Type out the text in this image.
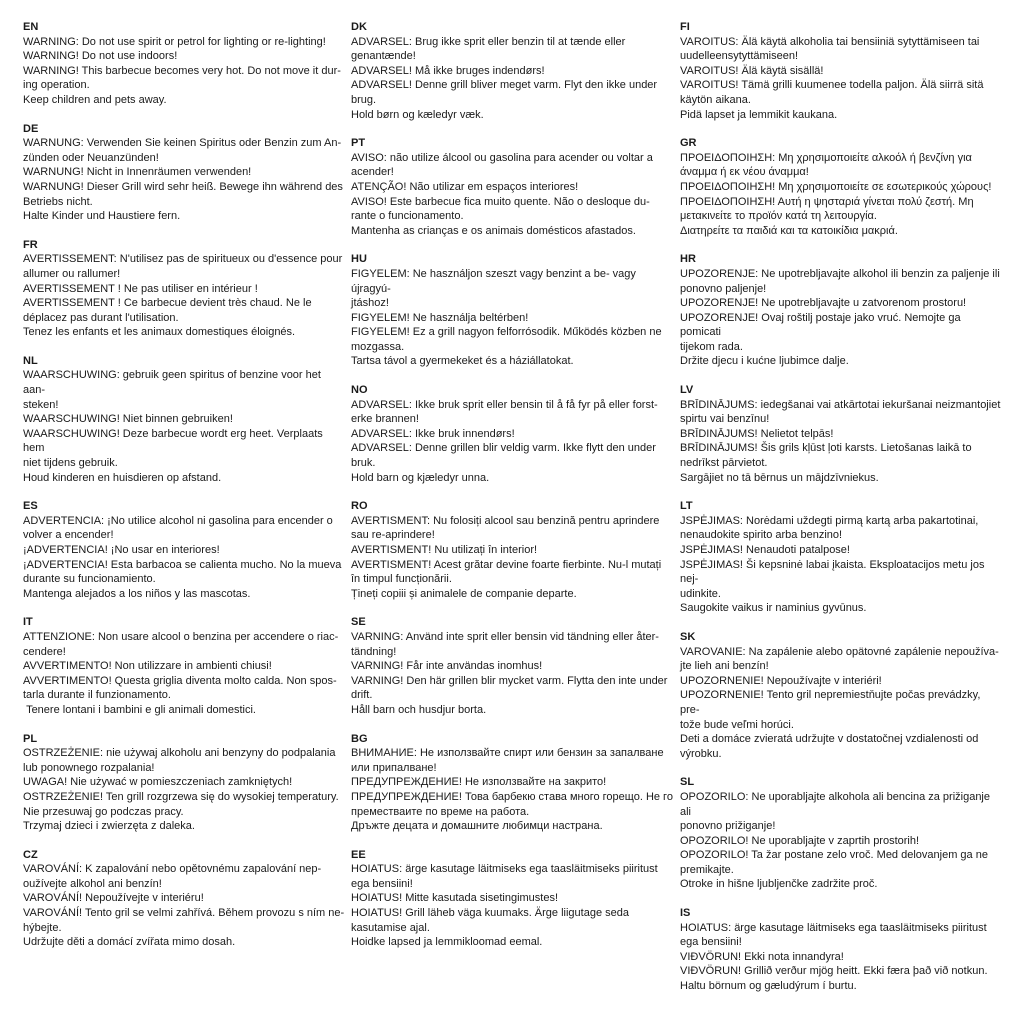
EN
WARNING: Do not use spirit or petrol for lighting or re-lighting!
WARNING! Do not use indoors!
WARNING! This barbecue becomes very hot. Do not move it dur-
ing operation.
Keep children and pets away.
DE
WARNUNG: Verwenden Sie keinen Spiritus oder Benzin zum An-
zünden oder Neuanzünden!
WARNUNG! Nicht in Innenräumen verwenden!
WARNUNG! Dieser Grill wird sehr heiß. Bewege ihn während des
Betriebs nicht.
Halte Kinder und Haustiere fern.
FR
AVERTISSEMENT: N'utilisez pas de spiritueux ou d'essence pour
allumer ou rallumer!
AVERTISSEMENT ! Ne pas utiliser en intérieur !
AVERTISSEMENT ! Ce barbecue devient très chaud. Ne le
déplacez pas durant l'utilisation.
Tenez les enfants et les animaux domestiques éloignés.
NL
WAARSCHUWING: gebruik geen spiritus of benzine voor het aan-
steken!
WAARSCHUWING! Niet binnen gebruiken!
WAARSCHUWING! Deze barbecue wordt erg heet. Verplaats hem
niet tijdens gebruik.
Houd kinderen en huisdieren op afstand.
ES
ADVERTENCIA: ¡No utilice alcohol ni gasolina para encender o
volver a encender!
¡ADVERTENCIA! ¡No usar en interiores!
¡ADVERTENCIA! Esta barbacoa se calienta mucho. No la mueva
durante su funcionamiento.
Mantenga alejados a los niños y las mascotas.
IT
ATTENZIONE: Non usare alcool o benzina per accendere o riac-
cendere!
AVVERTIMENTO! Non utilizzare in ambienti chiusi!
AVVERTIMENTO! Questa griglia diventa molto calda. Non spos-
tarla durante il funzionamento.
Tenere lontani i bambini e gli animali domestici.
PL
OSTRZEŻENIE: nie używaj alkoholu ani benzyny do podpalania
lub ponownego rozpalania!
UWAGA! Nie używać w pomieszczeniach zamkniętych!
OSTRZEŻENIE! Ten grill rozgrzewa się do wysokiej temperatury.
Nie przesuwaj go podczas pracy.
Trzymaj dzieci i zwierzęta z daleka.
CZ
VAROVÁNÍ: K zapalování nebo opětovnému zapalování nep-
oužívejte alkohol ani benzín!
VAROVÁNÍ! Nepoužívejte v interiéru!
VAROVÁNÍ! Tento gril se velmi zahřívá. Během provozu s ním ne-
hýbejte.
Udržujte děti a domácí zvířata mimo dosah.
DK
ADVARSEL: Brug ikke sprit eller benzin til at tænde eller
genantænde!
ADVARSEL! Må ikke bruges indendørs!
ADVARSEL! Denne grill bliver meget varm. Flyt den ikke under
brug.
Hold børn og kæledyr væk.
PT
AVISO: não utilize álcool ou gasolina para acender ou voltar a
acender!
ATENÇÃO! Não utilizar em espaços interiores!
AVISO! Este barbecue fica muito quente. Não o desloque du-
rante o funcionamento.
Mantenha as crianças e os animais domésticos afastados.
HU
FIGYELEM: Ne használjon szeszt vagy benzint a be- vagy újragyú-
jtáshoz!
FIGYELEM! Ne használja beltérben!
FIGYELEM! Ez a grill nagyon felforrósodik. Működés közben ne
mozgassa.
Tartsa távol a gyermekeket és a háziállatokat.
NO
ADVARSEL: Ikke bruk sprit eller bensin til å få fyr på eller forst-
erke brannen!
ADVARSEL: Ikke bruk innendørs!
ADVARSEL: Denne grillen blir veldig varm. Ikke flytt den under
bruk.
Hold barn og kjæledyr unna.
RO
AVERTISMENT: Nu folosiți alcool sau benzină pentru aprindere
sau re-aprindere!
AVERTISMENT! Nu utilizați în interior!
AVERTISMENT! Acest grătar devine foarte fierbinte. Nu-l mutați
în timpul funcționării.
Țineți copiii și animalele de companie departe.
SE
VARNING: Använd inte sprit eller bensin vid tändning eller åter-
tändning!
VARNING! Får inte användas inomhus!
VARNING! Den här grillen blir mycket varm. Flytta den inte under
drift.
Håll barn och husdjur borta.
BG
ВНИМАНИЕ: Не използвайте спирт или бензин за запалване
или припалване!
ПРЕДУПРЕЖДЕНИЕ! Не използвайте на закрито!
ПРЕДУПРЕЖДЕНИЕ! Това барбекю става много горещо. Не го
преместваите по време на работа.
Дръжте децата и домашните любимци настрана.
EE
HOIATUS: ärge kasutage läitmiseks ega taasläitmiseks piiritust
ega bensiini!
HOIATUS! Mitte kasutada sisetingimustes!
HOIATUS! Grill läheb väga kuumaks. Ärge liigutage seda
kasutamise ajal.
Hoidke lapsed ja lemmikloomad eemal.
FI
VAROITUS: Älä käytä alkoholia tai bensiiniä sytyttämiseen tai
uudelleensytyttämiseen!
VAROITUS! Älä käytä sisällä!
VAROITUS! Tämä grilli kuumenee todella paljon. Älä siirrä sitä
käytön aikana.
Pidä lapset ja lemmikit kaukana.
GR
ΠΡΟΕΙΔΟΠΟΙΗΣΗ: Μη χρησιμοποιείτε αλκοόλ ή βενζίνη για
άναμμα ή εκ νέου άναμμα!
ΠΡΟΕΙΔΟΠΟΙΗΣΗ! Μη χρησιμοποιείτε σε εσωτερικούς χώρους!
ΠΡΟΕΙΔΟΠΟΙΗΣΗ! Αυτή η ψησταριά γίνεται πολύ ζεστή. Μη
μετακινείτε το προϊόν κατά τη λειτουργία.
Διατηρείτε τα παιδιά και τα κατοικίδια μακριά.
HR
UPOZORENJE: Ne upotrebljavajte alkohol ili benzin za paljenje ili
ponovno paljenje!
UPOZORENJE! Ne upotrebljavajte u zatvorenom prostoru!
UPOZORENJE! Ovaj roštilj postaje jako vruć. Nemojte ga pomicati
tijekom rada.
Držite djecu i kućne ljubimce dalje.
LV
BRĪDINĀJUMS: iedegšanai vai atkārtotai iekuršanai neizmantojiet
spirtu vai benzīnu!
BRĪDINĀJUMS! Nelietot telpās!
BRĪDINĀJUMS! Šis grils kļūst ļoti karsts. Lietošanas laikā to
nedrīkst pārvietot.
Sargājiet no tā bērnus un mājdzīvniekus.
LT
JSPĖJIMAS: Norėdami uždegti pirmą kartą arba pakartotinai,
nenaudokite spirito arba benzino!
JSPĖJIMAS! Nenaudoti patalpose!
JSPĖJIMAS! Ši kepsninė labai įkaista. Eksploatacijos metu jos nej-
udinkite.
Saugokite vaikus ir naminius gyvūnus.
SK
VAROVANIE: Na zapálenie alebo opätovné zapálenie nepoužíva-
jte lieh ani benzín!
UPOZORNENIE! Nepoužívajte v interiéri!
UPOZORNENIE! Tento gril nepremiestňujte počas prevádzky, pre-
tože bude veľmi horúci.
Deti a domáce zvieratá udržujte v dostatočnej vzdialenosti od
výrobku.
SL
OPOZORILO: Ne uporabljajte alkohola ali bencina za prižiganje ali
ponovno prižiganje!
OPOZORILO! Ne uporabljajte v zaprtih prostorih!
OPOZORILO! Ta žar postane zelo vroč. Med delovanjem ga ne
premikajte.
Otroke in hišne ljubljenčke zadržite proč.
IS
HOIATUS: ärge kasutage läitmiseks ega taasläitmiseks piiritust
ega bensiini!
VIÐVÖRUN! Ekki nota innandyra!
VIÐVÖRUN! Grillið verður mjög heitt. Ekki færa það við notkun.
Haltu börnum og gæludýrum í burtu.
